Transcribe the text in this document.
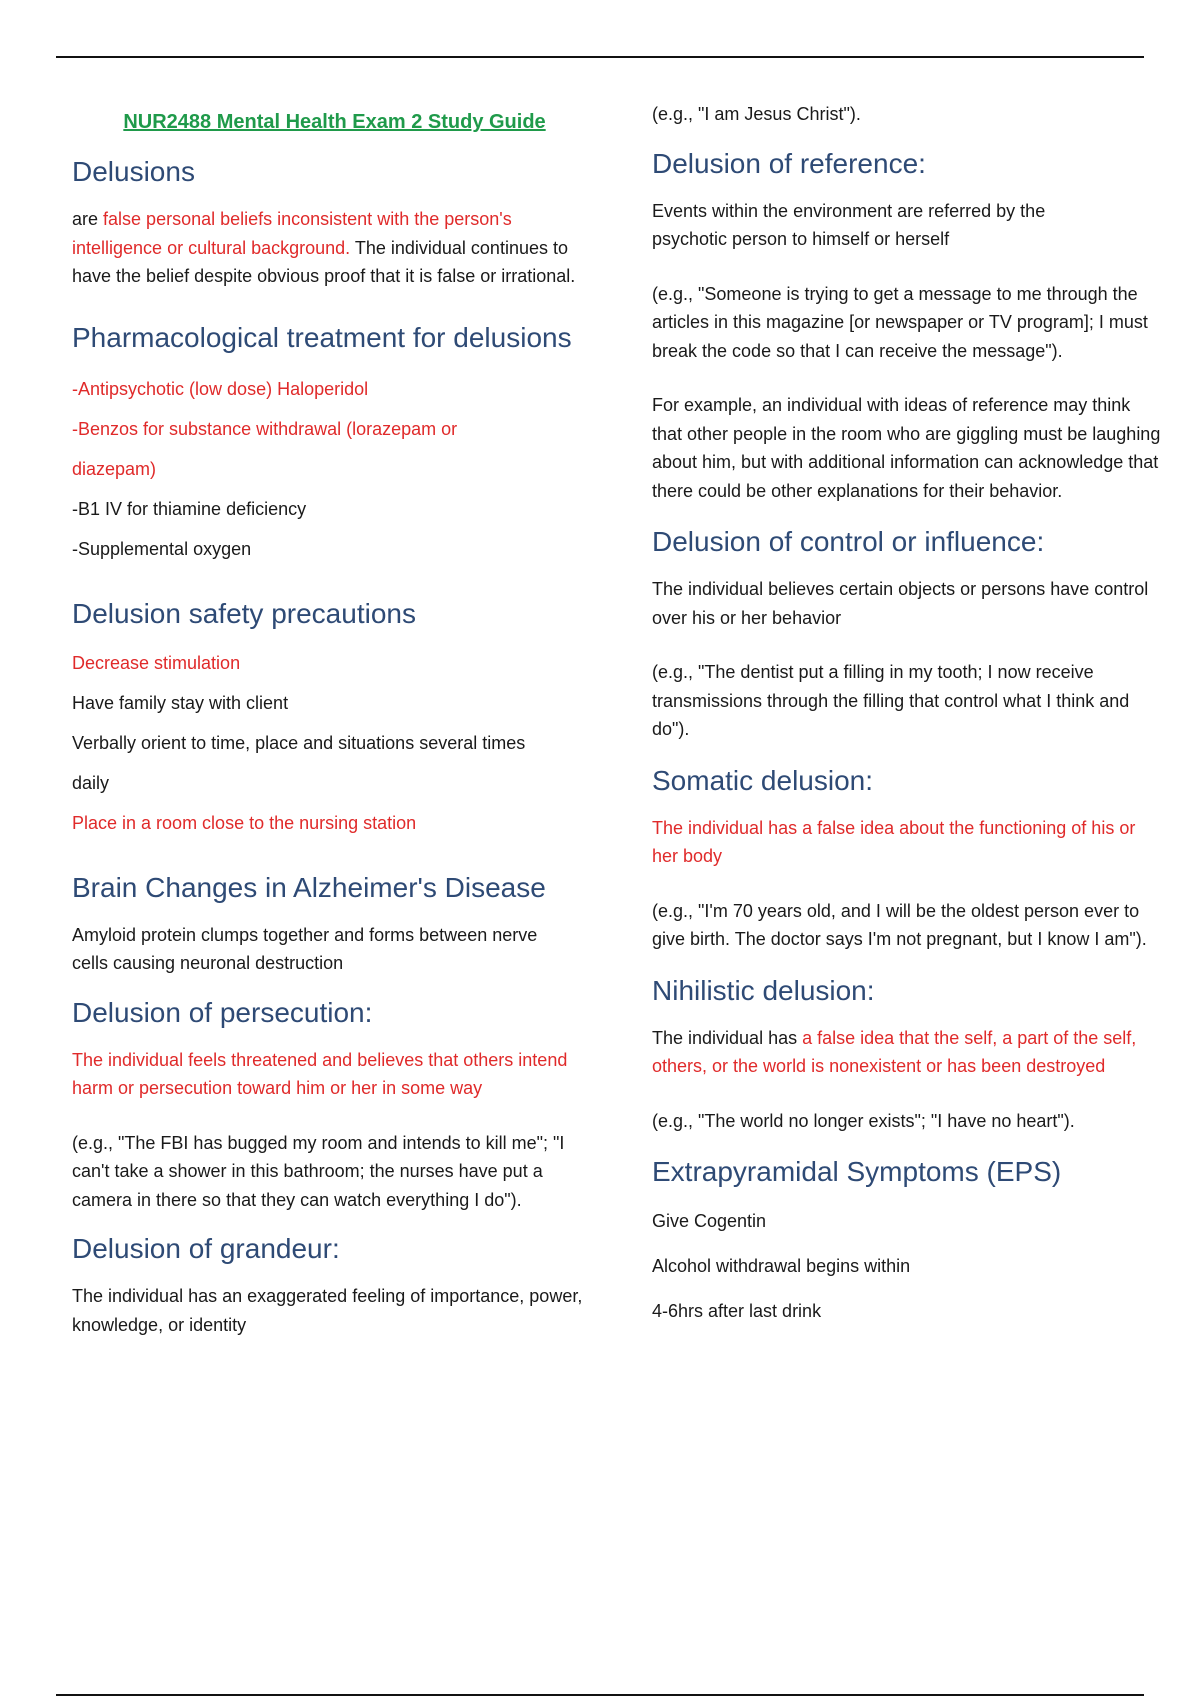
NUR2488 Mental Health Exam 2 Study Guide
Delusions

are false personal beliefs inconsistent with the person's intelligence or cultural background. The individual continues to have the belief despite obvious proof that it is false or irrational.

Pharmacological treatment for delusions

-Antipsychotic (low dose) Haloperidol

-Benzos for substance withdrawal (lorazepam or diazepam)

-B1 IV for thiamine deficiency

-Supplemental oxygen

Delusion safety precautions

Decrease stimulation

Have family stay with client

Verbally orient to time, place and situations several times daily

Place in a room close to the nursing station

Brain Changes in Alzheimer's Disease

Amyloid protein clumps together and forms between nerve cells causing neuronal destruction

Delusion of persecution:

The individual feels threatened and believes that others intend harm or persecution toward him or her in some way

(e.g., "The FBI has bugged my room and intends to kill me"; "I can't take a shower in this bathroom; the nurses have put a camera in there so that they can watch everything I do").

Delusion of grandeur:

The individual has an exaggerated feeling of importance, power, knowledge, or identity

(e.g., "I am Jesus Christ").

Delusion of reference:

Events within the environment are referred by the psychotic person to himself or herself

(e.g., "Someone is trying to get a message to me through the articles in this magazine [or newspaper or TV program]; I must break the code so that I can receive the message").

For example, an individual with ideas of reference may think that other people in the room who are giggling must be laughing about him, but with additional information can acknowledge that there could be other explanations for their behavior.

Delusion of control or influence:

The individual believes certain objects or persons have control over his or her behavior

(e.g., "The dentist put a filling in my tooth; I now receive transmissions through the filling that control what I think and do").

Somatic delusion:

The individual has a false idea about the functioning of his or her body

(e.g., "I'm 70 years old, and I will be the oldest person ever to give birth. The doctor says I'm not pregnant, but I know I am").

Nihilistic delusion:

The individual has a false idea that the self, a part of the self, others, or the world is nonexistent or has been destroyed

(e.g., "The world no longer exists"; "I have no heart").

Extrapyramidal Symptoms (EPS)

Give Cogentin

Alcohol withdrawal begins within

4-6hrs after last drink
